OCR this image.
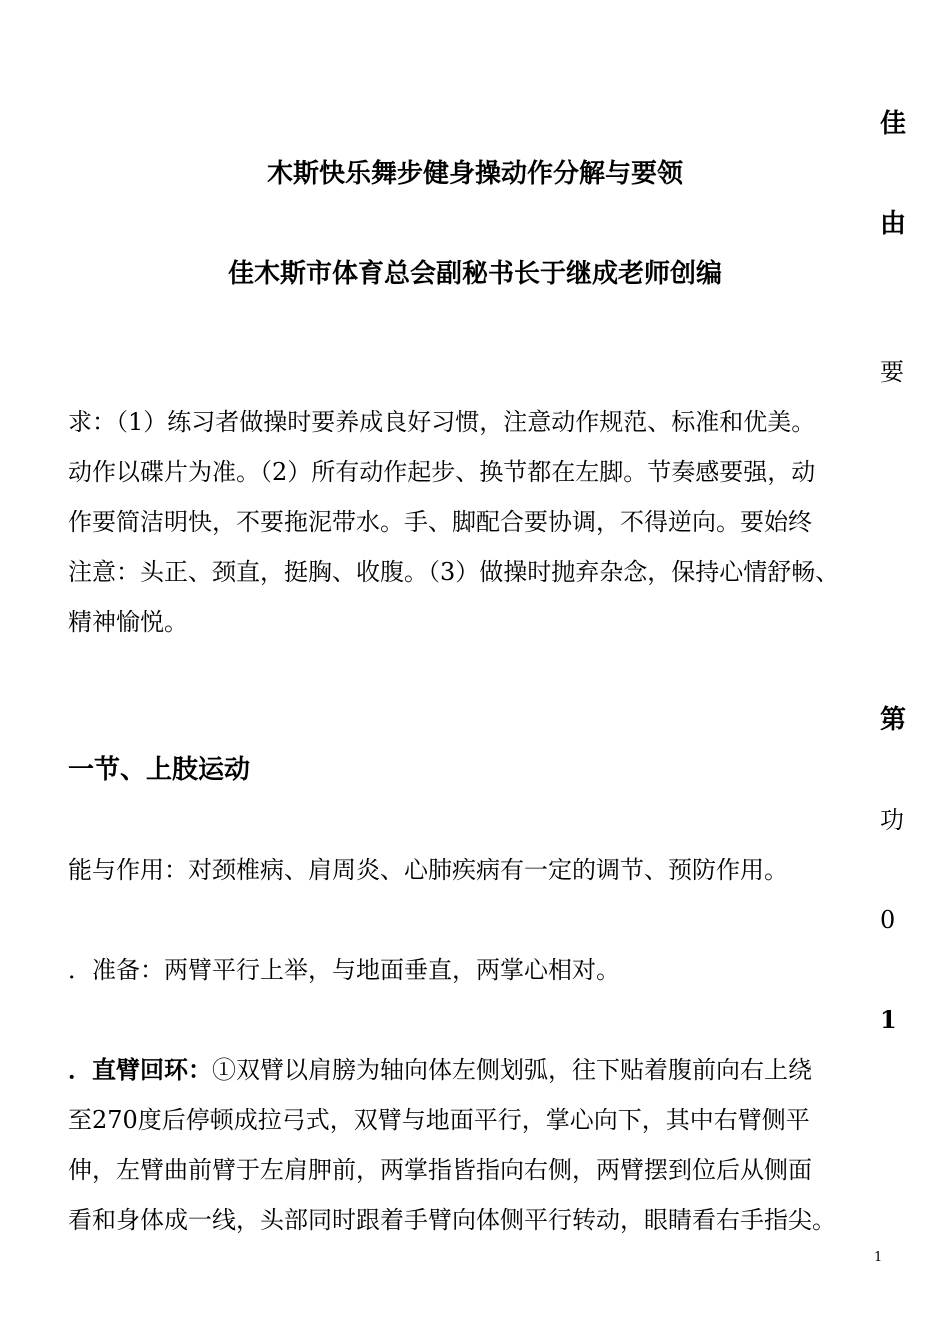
佳
木斯快乐舞步健身操动作分解与要领
由
佳木斯市体育总会副秘书长于继成老师创编
要
求：（1）练习者做操时要养成良好习惯，注意动作规范、标准和优美。
动作以碟片为准。（2）所有动作起步、换节都在左脚。节奏感要强，动
作要简洁明快，不要拖泥带水。手、脚配合要协调，不得逆向。要始终
注意：头正、颈直，挺胸、收腹。（3）做操时抛弃杂念，保持心情舒畅、
精神愉悦。
第
一节、上肢运动
功
能与作用：对颈椎病、肩周炎、心肺疾病有一定的调节、预防作用。
0
．准备：两臂平行上举，与地面垂直，两掌心相对。
1
．直臂回环：①双臂以肩膀为轴向体左侧划弧，往下贴着腹前向右上绕
至270度后停顿成拉弓式，双臂与地面平行，掌心向下，其中右臂侧平
伸，左臂曲前臂于左肩胛前，两掌指皆指向右侧，两臂摆到位后从侧面
看和身体成一线，头部同时跟着手臂向体侧平行转动，眼睛看右手指尖。
1
